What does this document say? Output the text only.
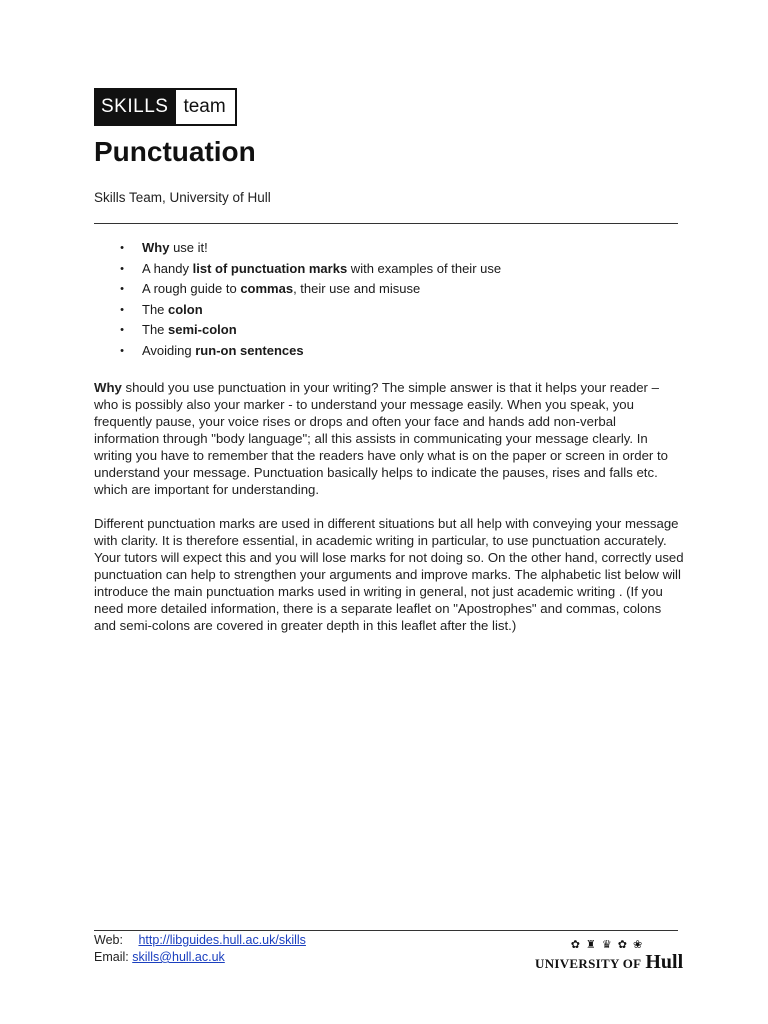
SKILLS team
Punctuation
Skills Team, University of Hull
•
Why use it!
•
A handy list of punctuation marks with examples of their use
•
A rough guide to commas, their use and misuse
•
The colon
•
The semi-colon
•
Avoiding run-on sentences

Why should you use punctuation in your writing? The simple answer is that it helps your reader – who is possibly also your marker - to understand your message easily. When you speak, you frequently pause, your voice rises or drops and often your face and hands add non-verbal information through "body language"; all this assists in communicating your message clearly. In writing you have to remember that the readers have only what is on the paper or screen in order to understand your message. Punctuation basically helps to indicate the pauses, rises and falls etc. which are important for understanding.

Different punctuation marks are used in different situations but all help with conveying your message with clarity. It is therefore essential, in academic writing in particular, to use punctuation accurately. Your tutors will expect this and you will lose marks for not doing so. On the other hand, correctly used punctuation can help to strengthen your arguments and improve marks. The alphabetic list below will introduce the main punctuation marks used in writing in general, not just academic writing . (If you need more detailed information, there is a separate leaflet on "Apostrophes" and commas, colons and semi-colons are covered in greater depth in this leaflet after the list.)

Web: http://libguides.hull.ac.uk/skills
Email: skills@hull.ac.uk
✿ ♜ ♛ ✿ ❀
UNIVERSITY OF Hull
